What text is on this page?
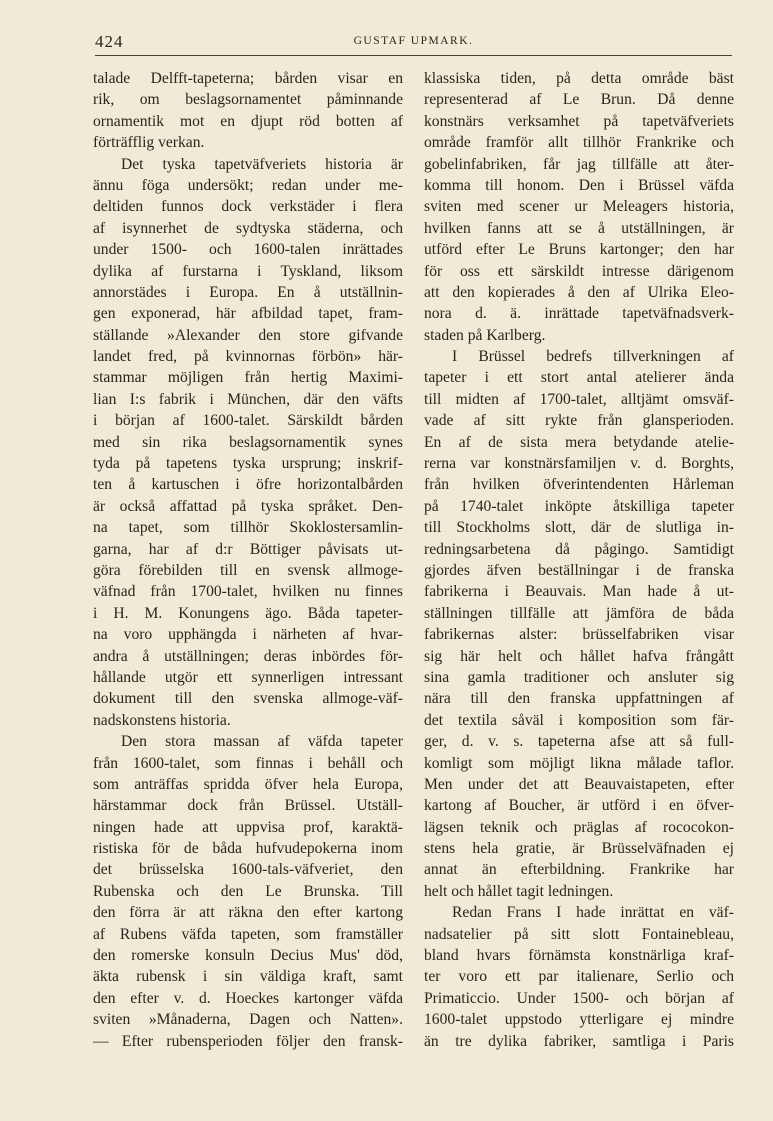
424	GUSTAF UPMARK.
talade Delfft-tapeterna; bården visar en
rik, om beslagsornamentet påminnande
ornamentik mot en djupt röd botten af
förträfflig verkan.
Det tyska tapetväfveriets historia är
ännu föga undersökt; redan under me-
deltiden funnos dock verkstäder i flera
af isynnerhet de sydtyska städerna, och
under 1500- och 1600-talen inrättades
dylika af furstarna i Tyskland, liksom
annorstädes i Europa. En å utställnin-
gen exponerad, här afbildad tapet, fram-
ställande »Alexander den store gifvande
landet fred, på kvinnornas förbön» här-
stammar möjligen från hertig Maximi-
lian I:s fabrik i München, där den väfts
i början af 1600-talet. Särskildt bården
med sin rika beslagsornamentik synes
tyda på tapetens tyska ursprung; inskrif-
ten å kartuschen i öfre horizontalbården
är också affattad på tyska språket. Den-
na tapet, som tillhör Skoklostersamlin-
garna, har af d:r Böttiger påvisats ut-
göra förebilden till en svensk allmoge-
väfnad från 1700-talet, hvilken nu finnes
i H. M. Konungens ägo. Båda tapeter-
na voro upphängda i närheten af hvar-
andra å utställningen; deras inbördes för-
hållande utgör ett synnerligen intressant
dokument till den svenska allmoge-väf-
nadskonstens historia.
Den stora massan af väfda tapeter
från 1600-talet, som finnas i behåll och
som anträffas spridda öfver hela Europa,
härstammar dock från Brüssel. Utställ-
ningen hade att uppvisa prof, karaktä-
ristiska för de båda hufvudepokerna inom
det brüsselska 1600-tals-väfveriet, den
Rubenska och den Le Brunska. Till
den förra är att räkna den efter kartong
af Rubens väfda tapeten, som framställer
den romerske konsuln Decius Mus' död,
äkta rubensk i sin väldiga kraft, samt
den efter v. d. Hoeckes kartonger väfda
sviten »Månaderna, Dagen och Natten».
— Efter rubensperioden följer den fransk-
klassiska tiden, på detta område bäst
representerad af Le Brun. Då denne
konstnärs verksamhet på tapetväfveriets
område framför allt tillhör Frankrike och
gobelinfabriken, får jag tillfälle att åter-
komma till honom. Den i Brüssel väfda
sviten med scener ur Meleagers historia,
hvilken fanns att se å utställningen, är
utförd efter Le Bruns kartonger; den har
för oss ett särskildt intresse därigenom
att den kopierades å den af Ulrika Eleo-
nora d. ä. inrättade tapetväfnadsverk-
staden på Karlberg.
I Brüssel bedrefs tillverkningen af
tapeter i ett stort antal atelierer ända
till midten af 1700-talet, alltjämt omsväf-
vade af sitt rykte från glansperioden.
En af de sista mera betydande atelie-
rerna var konstnärsfamiljen v. d. Borghts,
från hvilken öfverintendenten Hårleman
på 1740-talet inköpte åtskilliga tapeter
till Stockholms slott, där de slutliga in-
redningsarbetena då pågingo. Samtidigt
gjordes äfven beställningar i de franska
fabrikerna i Beauvais. Man hade å ut-
ställningen tillfälle att jämföra de båda
fabrikernas alster: brüsselfabriken visar
sig här helt och hållet hafva frångått
sina gamla traditioner och ansluter sig
nära till den franska uppfattningen af
det textila såväl i komposition som fär-
ger, d. v. s. tapeterna afse att så full-
komligt som möjligt likna målade taflor.
Men under det att Beauvaistapeten, efter
kartong af Boucher, är utförd i en öfver-
lägsen teknik och präglas af rococokon-
stens hela gratie, är Brüsselväfnaden ej
annat än efterbildning. Frankrike har
helt och hållet tagit ledningen.
Redan Frans I hade inrättat en väf-
nadsatelier på sitt slott Fontainebleau,
bland hvars förnämsta konstnärliga kraf-
ter voro ett par italienare, Serlio och
Primaticcio. Under 1500- och början af
1600-talet uppstodo ytterligare ej mindre
än tre dylika fabriker, samtliga i Paris
